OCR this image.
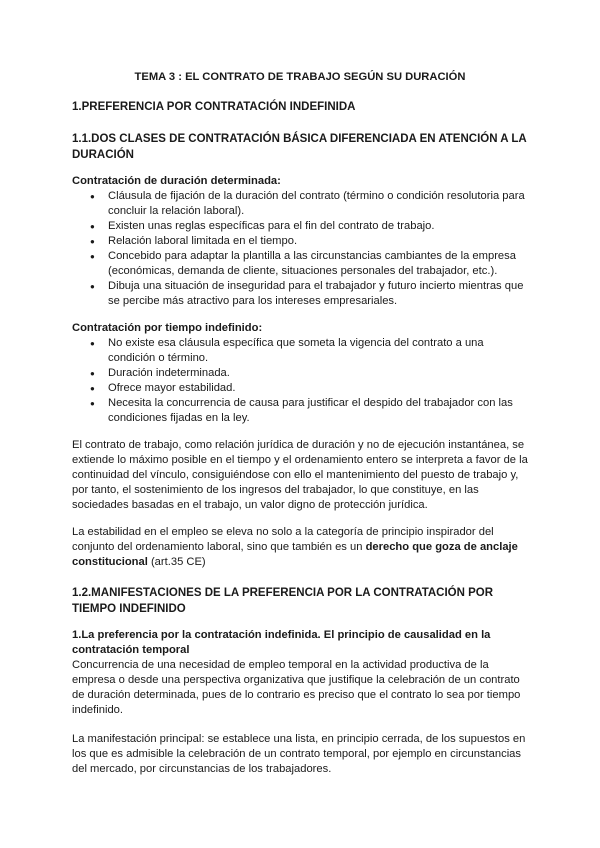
TEMA 3 : EL CONTRATO DE TRABAJO SEGÚN SU DURACIÓN
1.PREFERENCIA POR CONTRATACIÓN INDEFINIDA
1.1.DOS CLASES DE CONTRATACIÓN BÁSICA DIFERENCIADA EN ATENCIÓN A LA DURACIÓN
Contratación de duración determinada:
● Cláusula de fijación de la duración del contrato (término o condición resolutoria para concluir la relación laboral).
● Existen unas reglas específicas para el fin del contrato de trabajo.
● Relación laboral limitada en el tiempo.
● Concebido para adaptar la plantilla a las circunstancias cambiantes de la empresa (económicas, demanda de cliente, situaciones personales del trabajador, etc.).
● Dibuja una situación de inseguridad para el trabajador y futuro incierto mientras que se percibe más atractivo para los intereses empresariales.
Contratación por tiempo indefinido:
● No existe esa cláusula específica que someta la vigencia del contrato a una condición o término.
● Duración indeterminada.
● Ofrece mayor estabilidad.
● Necesita la concurrencia de causa para justificar el despido del trabajador con las condiciones fijadas en la ley.

El contrato de trabajo, como relación jurídica de duración y no de ejecución instantánea, se extiende lo máximo posible en el tiempo y el ordenamiento entero se interpreta a favor de la continuidad del vínculo, consiguiéndose con ello el mantenimiento del puesto de trabajo y, por tanto, el sostenimiento de los ingresos del trabajador, lo que constituye, en las sociedades basadas en el trabajo, un valor digno de protección jurídica.

La estabilidad en el empleo se eleva no solo a la categoría de principio inspirador del conjunto del ordenamiento laboral, sino que también es un derecho que goza de anclaje constitucional (art.35 CE)

1.2.MANIFESTACIONES DE LA PREFERENCIA POR LA CONTRATACIÓN POR TIEMPO INDEFINIDO
1.La preferencia por la contratación indefinida. El principio de causalidad en la contratación temporal

Concurrencia de una necesidad de empleo temporal en la actividad productiva de la empresa o desde una perspectiva organizativa que justifique la celebración de un contrato de duración determinada, pues de lo contrario es preciso que el contrato lo sea por tiempo indefinido.

La manifestación principal: se establece una lista, en principio cerrada, de los supuestos en los que es admisible la celebración de un contrato temporal, por ejemplo en circunstancias del mercado, por circunstancias de los trabajadores.
